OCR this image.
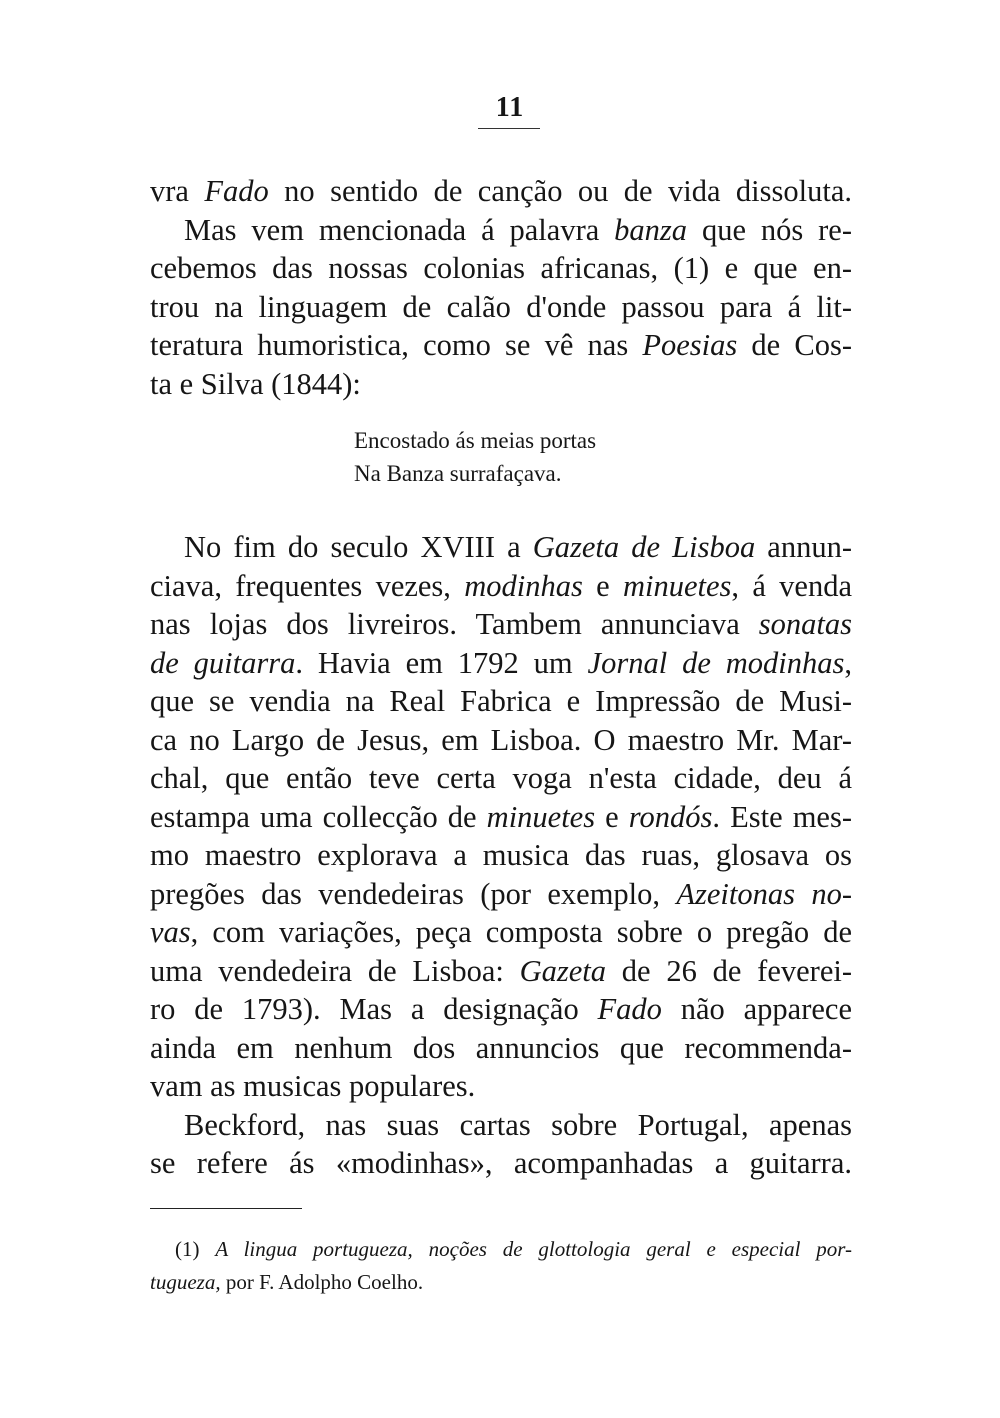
11
vra Fado no sentido de canção ou de vida dissoluta.
Mas vem mencionada á palavra banza que nós re-
cebemos das nossas colonias africanas, (1) e que en-
trou na linguagem de calão d'onde passou para á lit-
teratura humoristica, como se vê nas Poesias de Cos-
ta e Silva (1844):
Encostado ás meias portas
Na Banza surrafaçava.
No fim do seculo XVIII a Gazeta de Lisboa annun-
ciava, frequentes vezes, modinhas e minuetes, á venda
nas lojas dos livreiros. Tambem annunciava sonatas
de guitarra. Havia em 1792 um Jornal de modinhas,
que se vendia na Real Fabrica e Impressão de Musi-
ca no Largo de Jesus, em Lisboa. O maestro Mr. Mar-
chal, que então teve certa voga n'esta cidade, deu á
estampa uma collecção de minuetes e rondós. Este mes-
mo maestro explorava a musica das ruas, glosava os
pregões das vendedeiras (por exemplo, Azeitonas no-
vas, com variações, peça composta sobre o pregão de
uma vendedeira de Lisboa: Gazeta de 26 de feverei-
ro de 1793). Mas a designação Fado não apparece
ainda em nenhum dos annuncios que recommenda-
vam as musicas populares.
Beckford, nas suas cartas sobre Portugal, apenas
se refere ás «modinhas», acompanhadas a guitarra.
(1) A lingua portugueza, noções de glottologia geral e especial por-
tugueza, por F. Adolpho Coelho.
